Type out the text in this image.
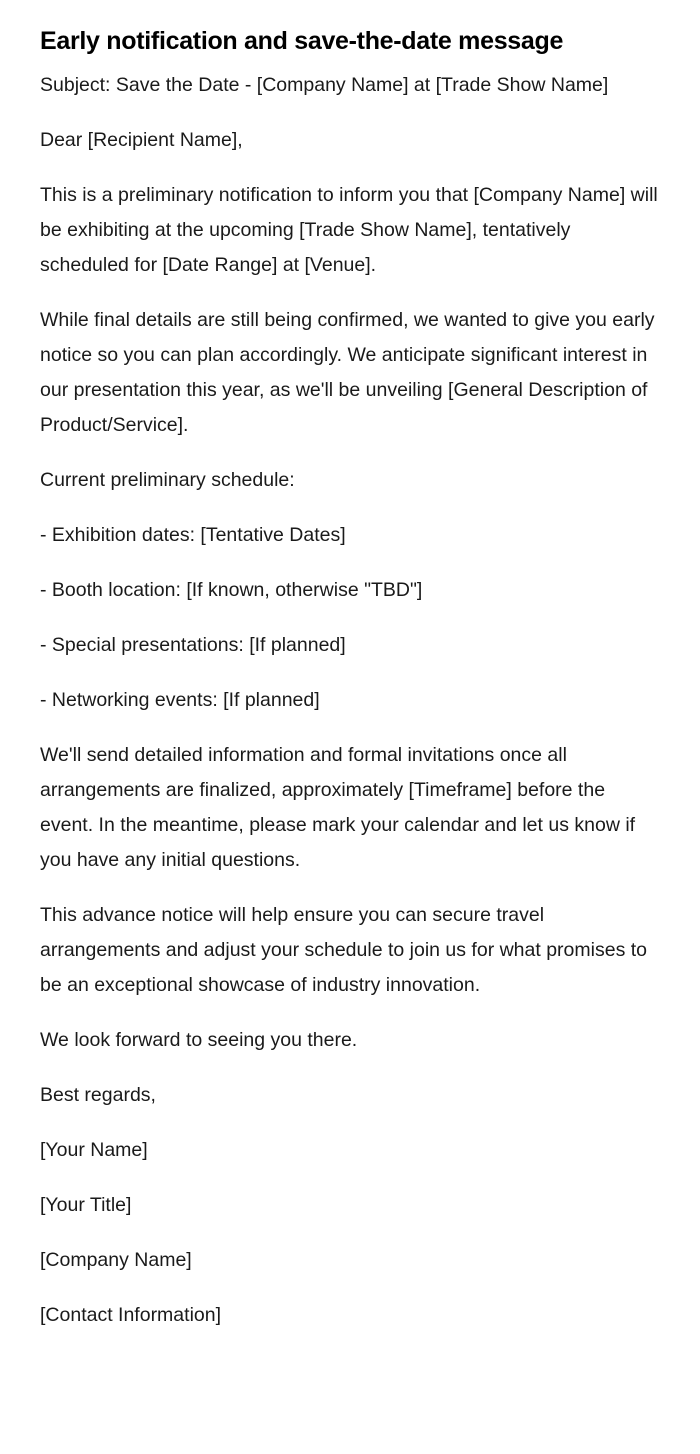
Early notification and save-the-date message

Subject: Save the Date - [Company Name] at [Trade Show Name]

Dear [Recipient Name],

This is a preliminary notification to inform you that [Company Name] will be exhibiting at the upcoming [Trade Show Name], tentatively scheduled for [Date Range] at [Venue].

While final details are still being confirmed, we wanted to give you early notice so you can plan accordingly. We anticipate significant interest in our presentation this year, as we'll be unveiling [General Description of Product/Service].

Current preliminary schedule:

- Exhibition dates: [Tentative Dates]

- Booth location: [If known, otherwise "TBD"]

- Special presentations: [If planned]

- Networking events: [If planned]

We'll send detailed information and formal invitations once all arrangements are finalized, approximately [Timeframe] before the event. In the meantime, please mark your calendar and let us know if you have any initial questions.

This advance notice will help ensure you can secure travel arrangements and adjust your schedule to join us for what promises to be an exceptional showcase of industry innovation.

We look forward to seeing you there.

Best regards,

[Your Name]

[Your Title]

[Company Name]

[Contact Information]
